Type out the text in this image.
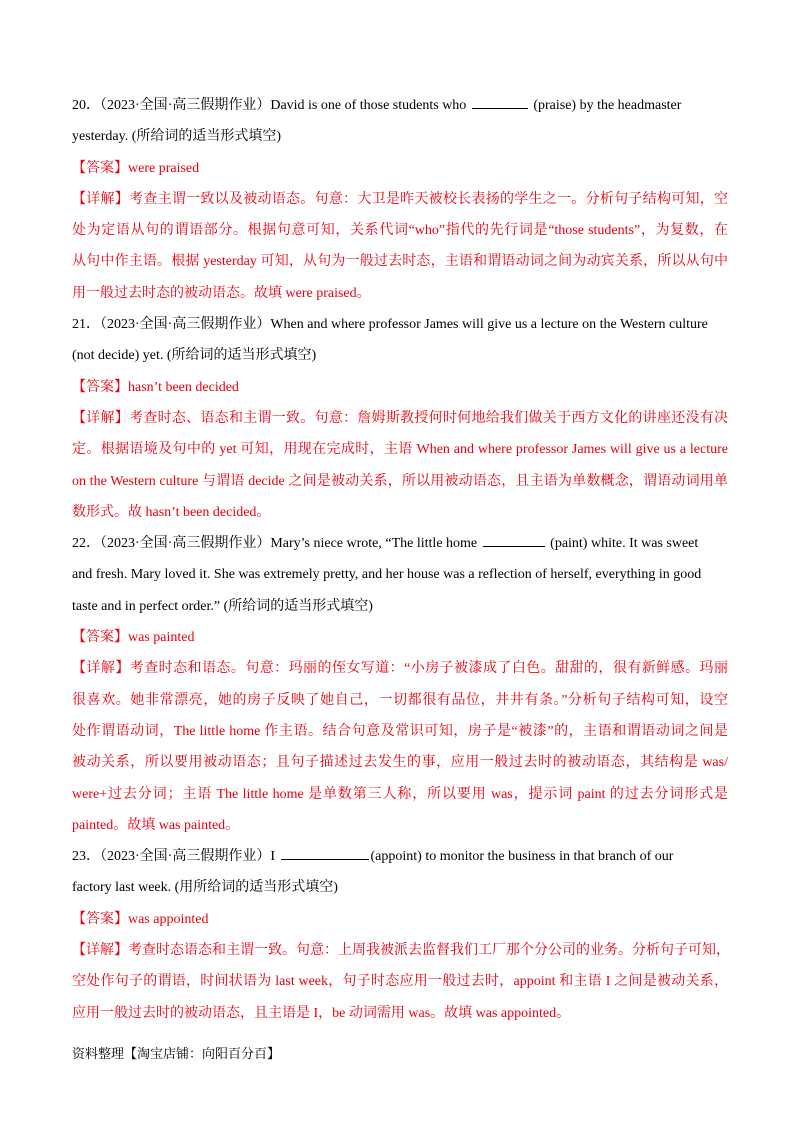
20．（2023·全国·高三假期作业）David is one of those students who	(praise) by the headmaster
yesterday. (所给词的适当形式填空)
【答案】were praised
【详解】考查主谓一致以及被动语态。句意：大卫是昨天被校长表扬的学生之一。分析句子结构可知，空
处为定语从句的谓语部分。根据句意可知，关系代词“who”指代的先行词是“those students”，为复数，在
从句中作主语。根据 yesterday 可知，从句为一般过去时态，主语和谓语动词之间为动宾关系，所以从句中
用一般过去时态的被动语态。故填 were praised。
21．（2023·全国·高三假期作业）When and where professor James will give us a lecture on the Western culture
(not decide) yet. (所给词的适当形式填空)
【答案】hasn’t been decided
【详解】考查时态、语态和主谓一致。句意：詹姆斯教授何时何地给我们做关于西方文化的讲座还没有决
定。根据语境及句中的 yet 可知，用现在完成时，主语 When and where professor James will give us a lecture
on the Western culture 与谓语 decide 之间是被动关系，所以用被动语态，且主语为单数概念，谓语动词用单
数形式。故 hasn’t been decided。
22．（2023·全国·高三假期作业）Mary’s niece wrote, “The little home	(paint) white. It was sweet
and fresh. Mary loved it. She was extremely pretty, and her house was a reflection of herself, everything in good
taste and in perfect order.” (所给词的适当形式填空)
【答案】was painted
【详解】考查时态和语态。句意：玛丽的侄女写道：“小房子被漆成了白色。甜甜的，很有新鲜感。玛丽
很喜欢。她非常漂亮，她的房子反映了她自己，一切都很有品位，井井有条。”分析句子结构可知，设空
处作谓语动词，The little home 作主语。结合句意及常识可知，房子是“被漆”的，主语和谓语动词之间是
被动关系，所以要用被动语态；且句子描述过去发生的事，应用一般过去时的被动语态，其结构是 was/
were+过去分词；主语 The little home 是单数第三人称，所以要用 was，提示词 paint 的过去分词形式是
painted。故填 was painted。
23．（2023·全国·高三假期作业）I	(appoint) to monitor the business in that branch of our
factory last week. (用所给词的适当形式填空)
【答案】was appointed
【详解】考查时态语态和主谓一致。句意：上周我被派去监督我们工厂那个分公司的业务。分析句子可知，
空处作句子的谓语，时间状语为 last week，句子时态应用一般过去时，appoint 和主语 I 之间是被动关系，
应用一般过去时的被动语态，且主语是 I，be 动词需用 was。故填 was appointed。
资料整理【淘宝店铺：向阳百分百】
